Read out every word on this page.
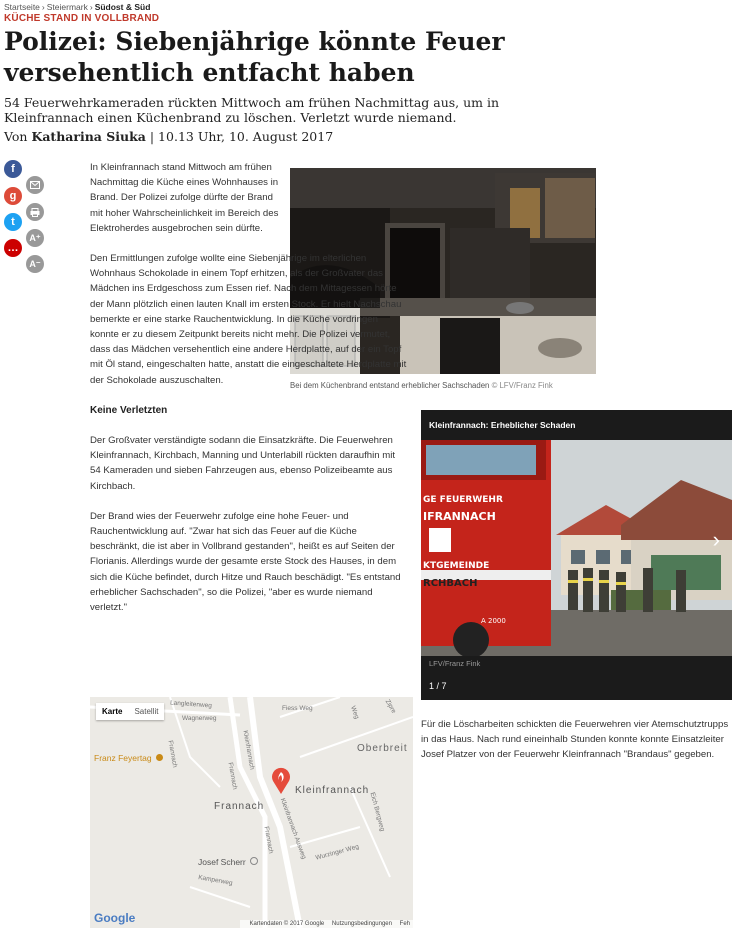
Startseite › Steiermark › Südost & Süd
KÜCHE STAND IN VOLLBRAND
Polizei: Siebenjährige könnte Feuer versehentlich entfacht haben

54 Feuerwehrkameraden rückten Mittwoch am frühen Nachmittag aus, um in Kleinfrannach einen Küchenbrand zu löschen. Verletzt wurde niemand.

Von Katharina Siuka | 10.13 Uhr, 10. August 2017
f
g
t
…
A⁺
A⁻
Bei dem Küchenbrand entstand erheblicher Sachschaden © LFV/Franz Fink

In Kleinfrannach stand Mittwoch am frühen Nachmittag die Küche eines Wohnhauses in Brand. Der Polizei zufolge dürfte der Brand mit hoher Wahrscheinlichkeit im Bereich des Elektroherdes ausgebrochen sein dürfte.

Den Ermittlungen zufolge wollte eine Siebenjährige im elterlichen Wohnhaus Schokolade in einem Topf erhitzen, als der Großvater das Mädchen ins Erdgeschoss zum Essen rief. Nach dem Mittagessen hörte der Mann plötzlich einen lauten Knall im ersten Stock. Er hielt Nachschau bemerkte er eine starke Rauchentwicklung. In die Küche vordringen konnte er zu diesem Zeitpunkt bereits nicht mehr. Die Polizei vermutet, dass das Mädchen versehentlich eine andere Herdplatte, auf der ein Topf mit Öl stand, eingeschalten hatte, anstatt die eingeschaltete Herdplatte mit der Schokolade auszuschalten.

Keine Verletzten

Der Großvater verständigte sodann die Einsatzkräfte. Die Feuerwehren Kleinfrannach, Kirchbach, Manning und Unterlabill rückten daraufhin mit 54 Kameraden und sieben Fahrzeugen aus, ebenso Polizeibeamte aus Kirchbach.

Der Brand wies der Feuerwehr zufolge eine hohe Feuer- und Rauchentwicklung auf. "Zwar hat sich das Feuer auf die Küche beschränkt, die ist aber in Vollbrand gestanden", heißt es auf Seiten der Florianis. Allerdings wurde der gesamte erste Stock des Hauses, in dem sich die Küche befindet, durch Hitze und Rauch beschädigt. "Es entstand erheblicher Sachschaden", so die Polizei, "aber es wurde niemand verletzt."

Kleinfrannach: Erheblicher Schaden
GE FEUERWEHR
IFRANNACH
KTGEMEINDE
RCHBACH
A 2000
›
LFV/Franz Fink
1 / 7
Für die Löscharbeiten schickten die Feuerwehren vier Atemschutztrupps in das Haus. Nach rund eineinhalb Stunden konnte konnte Einsatzleiter Josef Platzer von der Feuerwehr Kleinfrannach "Brandaus" gegeben.
Karte	Satellit
Langleitenweg
Wagnerweg
Kleinfrannach
Fiess Weg	Zipre
Weg
Oberbreit
Franz Feyertag	Frannach
Frannach
Frannach
Kleinfrannach
Kleinfrannach Ausweg	Eich Bergweg
Wurzinger Weg
Frannach
Josef Scherr
Kamperweg
Google	Kartendaten © 2017 Google Nutzungsbedingungen Feh
